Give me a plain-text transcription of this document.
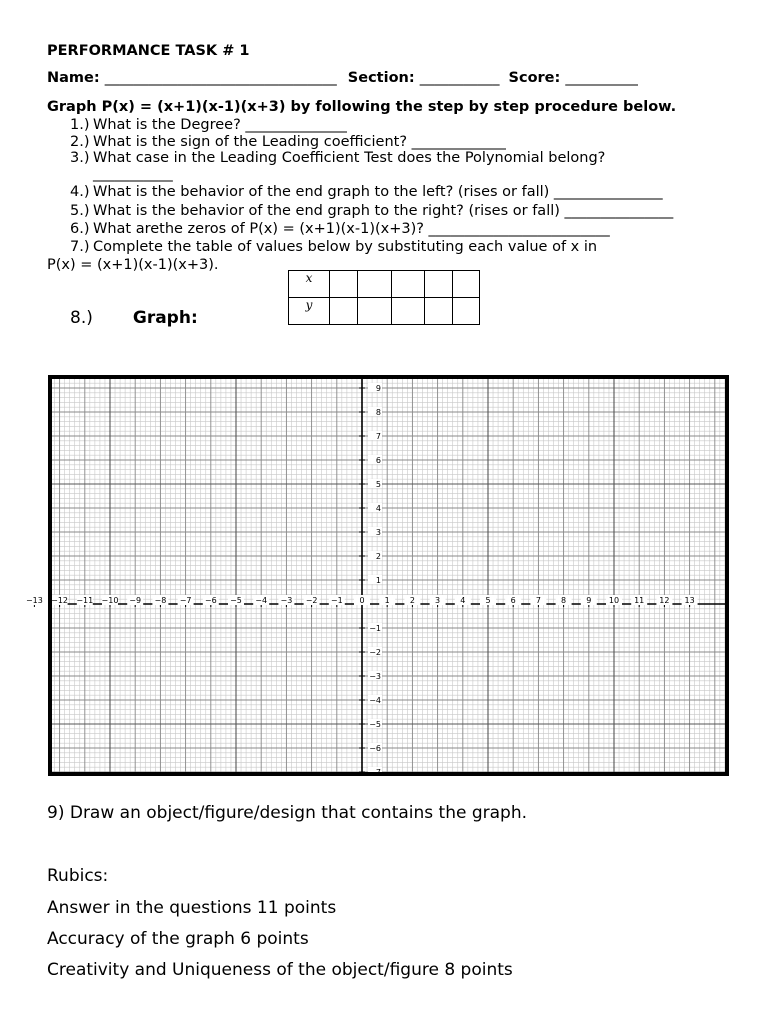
PERFORMANCE TASK # 1
Name: ________________________________ Section: ___________ Score: __________
Graph P(x) = (x+1)(x-1)(x+3) by following the step by step procedure below.
1.) What is the Degree? ______________
2.) What is the sign of the Leading coefficient? _____________
3.) What case in the Leading Coefficient Test does the Polynomial belong?
___________
4.) What is the behavior of the end graph to the left? (rises or fall) _______________
5.) What is the behavior of the end graph to the right? (rises or fall) _______________
6.) What arethe zeros of P(x) = (x+1)(x-1)(x+3)? _________________________
7.) Complete the table of values below by substituting each value of x in
P(x) = (x+1)(x-1)(x+3).
x					
y					
8.) Graph:
−13 −12 −11 −10 −9 −8 −7 −6 −5 −4 −3 −2 −1 0	1	2	3	4	5	6	7	8	9 10 11 12 13
9
8
7
6
5
4
3
2
1
−1
−2
−3
−4
−5
−6
−7
9) Draw an object/figure/design that contains the graph.
Rubics:
Answer in the questions 11 points
Accuracy of the graph 6 points
Creativity and Uniqueness of the object/figure 8 points
